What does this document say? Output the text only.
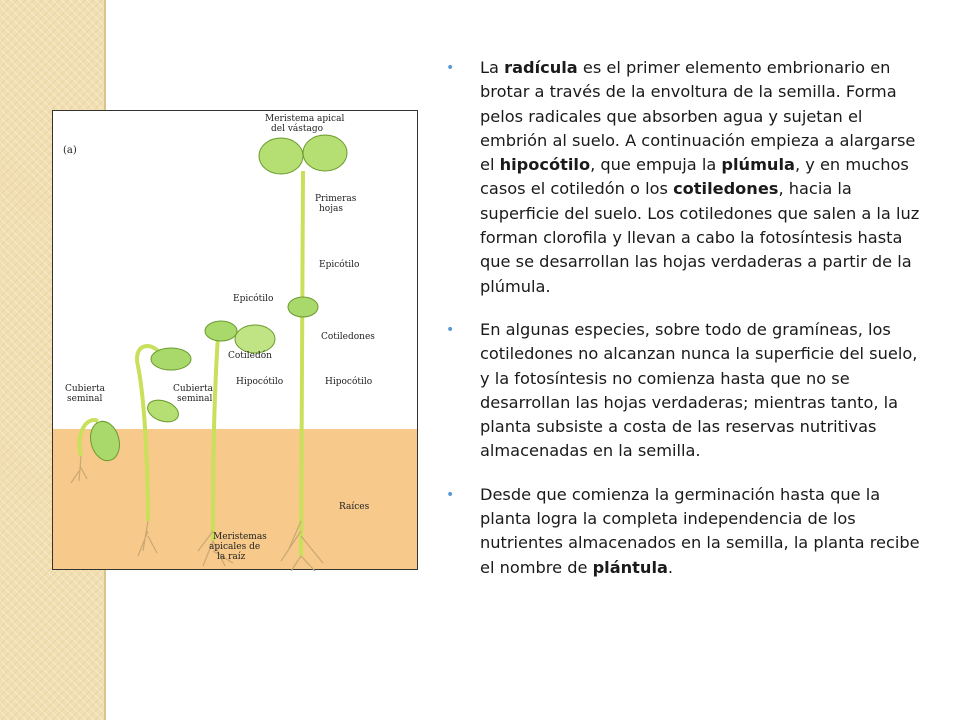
(a)
Meristema apical
del vástago
Primeras
hojas
Epicótilo
Epicótilo
Cotiledones
Cotiledón
Hipocótilo	Hipocótilo
Cubierta
seminal
Cubierta
seminal
Raíces
Meristemas
apicales de
la raíz
• La radícula es el primer elemento embrionario en brotar a través de la envoltura de la semilla. Forma pelos radicales que absorben agua y sujetan el embrión al suelo. A continuación empieza a alargarse el hipocótilo, que empuja la plúmula, y en muchos casos el cotiledón o los cotiledones, hacia la superficie del suelo. Los cotiledones que salen a la luz forman clorofila y llevan a cabo la fotosíntesis hasta que se desarrollan las hojas verdaderas a partir de la plúmula.
• En algunas especies, sobre todo de gramíneas, los cotiledones no alcanzan nunca la superficie del suelo, y la fotosíntesis no comienza hasta que no se desarrollan las hojas verdaderas; mientras tanto, la planta subsiste a costa de las reservas nutritivas almacenadas en la semilla.
• Desde que comienza la germinación hasta que la planta logra la completa independencia de los nutrientes almacenados en la semilla, la planta recibe el nombre de plántula.
